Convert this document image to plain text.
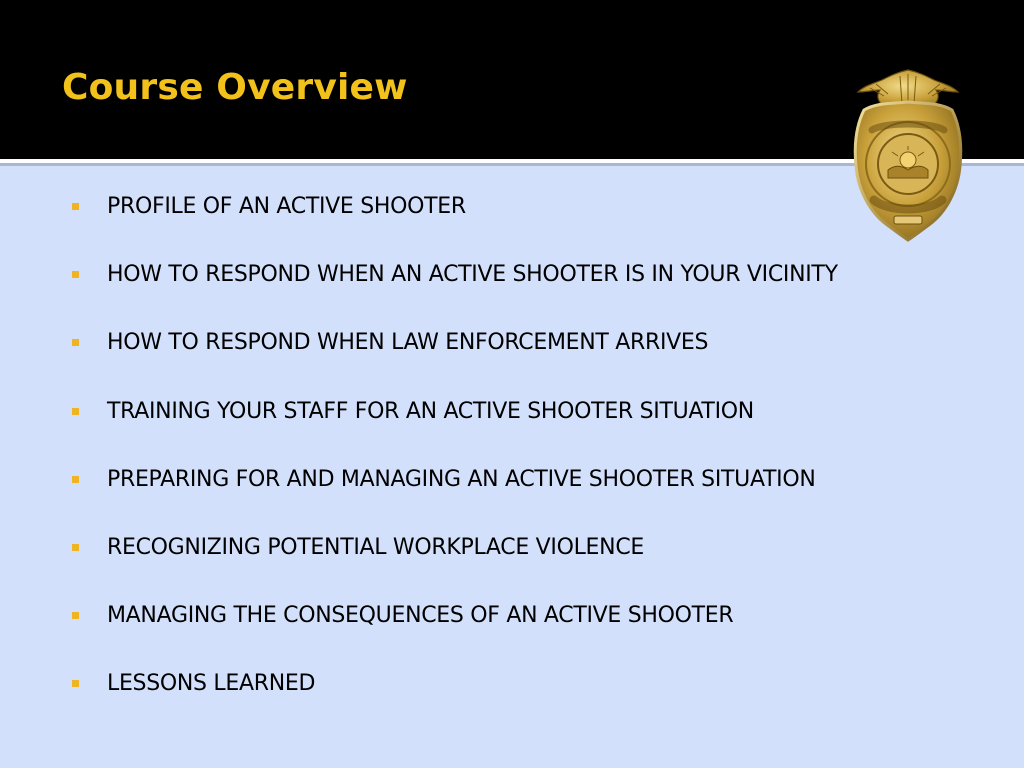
Course Overview
PROFILE OF AN ACTIVE SHOOTER
HOW TO RESPOND WHEN AN ACTIVE SHOOTER IS IN YOUR VICINITY
HOW TO RESPOND WHEN LAW ENFORCEMENT ARRIVES
TRAINING YOUR STAFF FOR AN ACTIVE SHOOTER SITUATION
PREPARING FOR AND MANAGING AN ACTIVE SHOOTER SITUATION
RECOGNIZING POTENTIAL WORKPLACE VIOLENCE
MANAGING THE CONSEQUENCES OF AN ACTIVE SHOOTER
LESSONS LEARNED
